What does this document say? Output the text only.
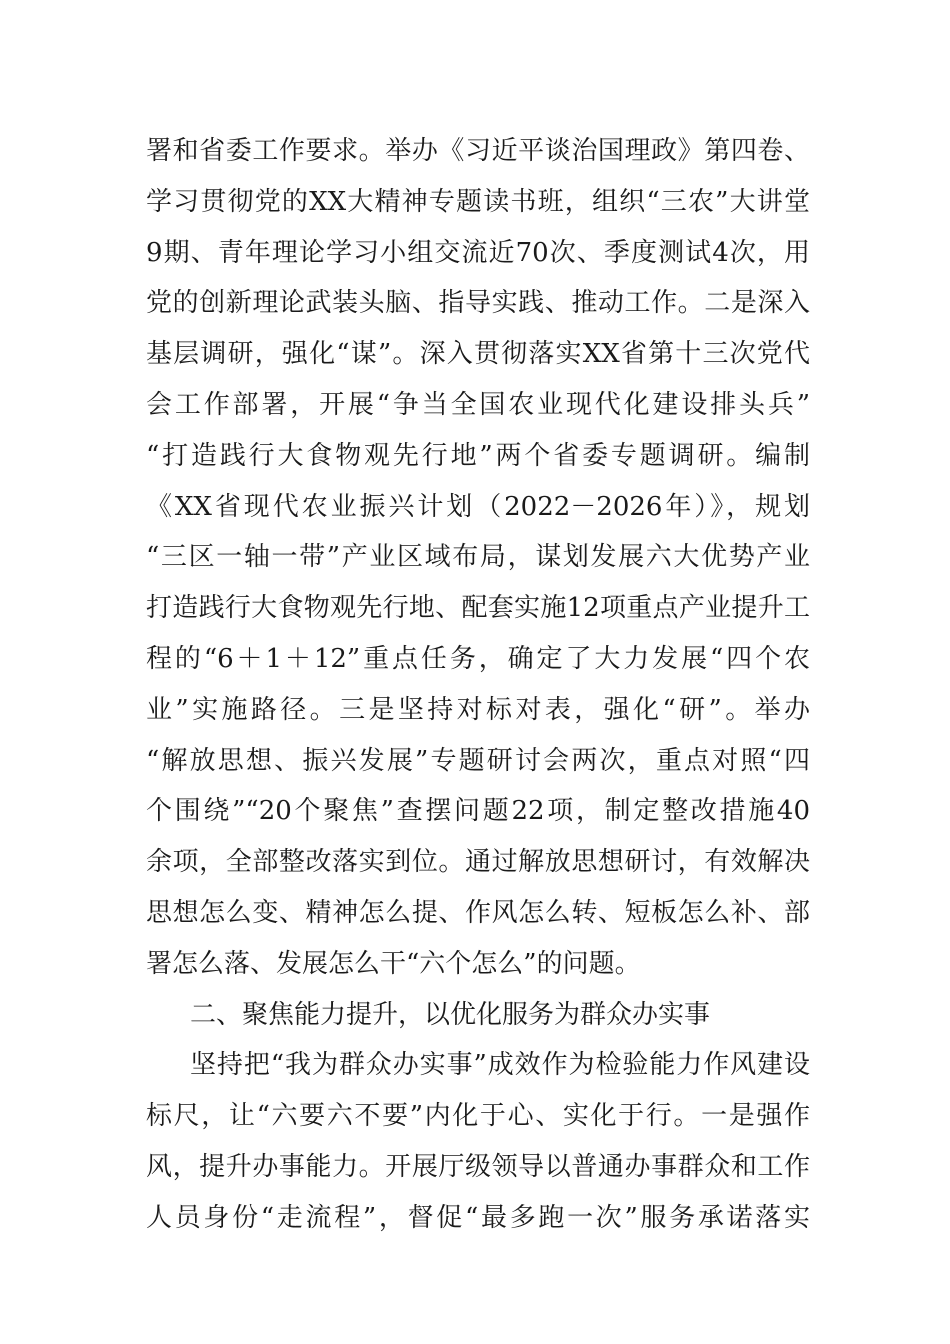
署和省委工作要求。举办《习近平谈治国理政》第四卷、
学习贯彻党的XX大精神专题读书班，组织“三农”大讲堂
9期、青年理论学习小组交流近70次、季度测试4次，用
党的创新理论武装头脑、指导实践、推动工作。二是深入
基层调研，强化“谋”。深入贯彻落实XX省第十三次党代
会工作部署，开展“争当全国农业现代化建设排头兵”
“打造践行大食物观先行地”两个省委专题调研。编制
《XX省现代农业振兴计划（2022－2026年）》，规划
“三区一轴一带”产业区域布局，谋划发展六大优势产业
打造践行大食物观先行地、配套实施12项重点产业提升工
程的“6＋1＋12”重点任务，确定了大力发展“四个农
业”实施路径。三是坚持对标对表，强化“研”。举办
“解放思想、振兴发展”专题研讨会两次，重点对照“四
个围绕”“20个聚焦”查摆问题22项，制定整改措施40
余项，全部整改落实到位。通过解放思想研讨，有效解决
思想怎么变、精神怎么提、作风怎么转、短板怎么补、部
署怎么落、发展怎么干“六个怎么”的问题。
二、聚焦能力提升，以优化服务为群众办实事
坚持把“我为群众办实事”成效作为检验能力作风建设
标尺，让“六要六不要”内化于心、实化于行。一是强作
风，提升办事能力。开展厅级领导以普通办事群众和工作
人员身份“走流程”，督促“最多跑一次”服务承诺落实
